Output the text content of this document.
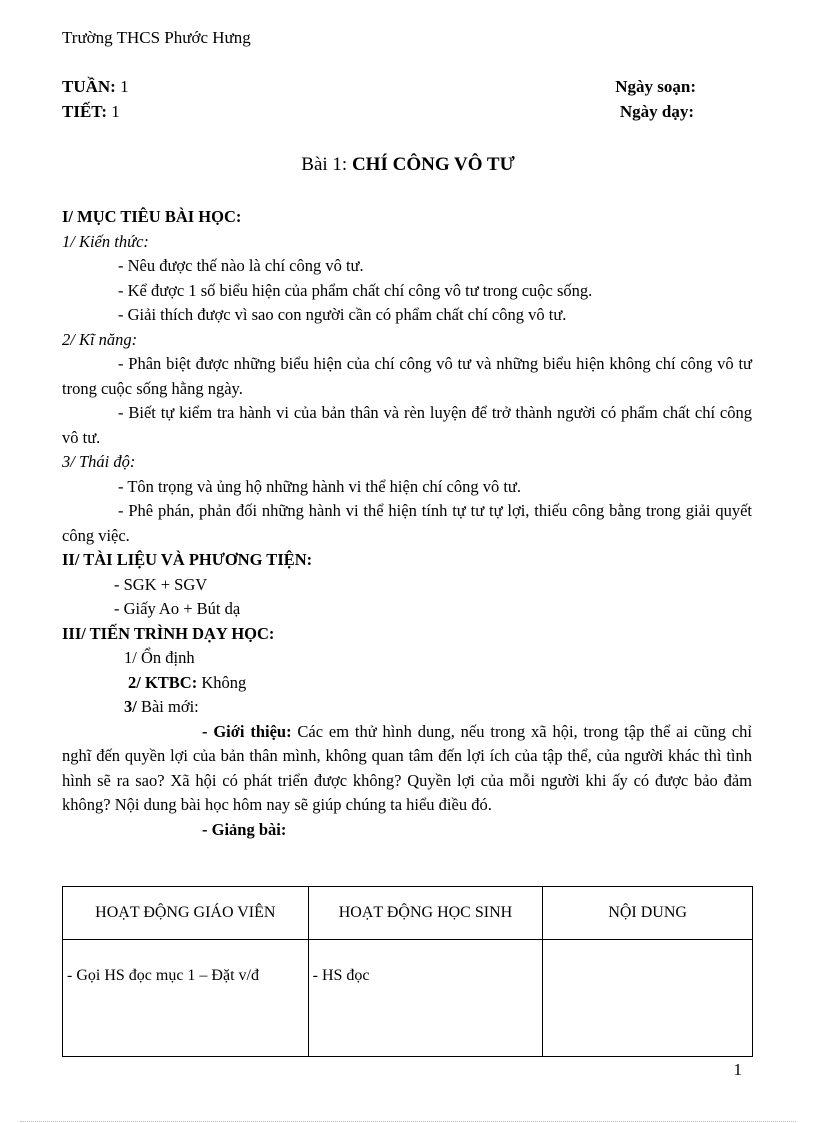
Trường THCS Phước Hưng
TUẦN: 1
TIẾT: 1
Ngày soạn:
Ngày dạy:
Bài 1: CHÍ CÔNG VÔ TƯ

I/ MỤC TIÊU BÀI HỌC:

1/ Kiến thức:

- Nêu được thế nào là chí công vô tư.

- Kể được 1 số biểu hiện của phẩm chất chí công vô tư trong cuộc sống.

- Giải thích được vì sao con người cần có phẩm chất chí công vô tư.

2/ Kĩ năng:

- Phân biệt được những biểu hiện của chí công vô tư và những biểu hiện không chí công vô tư trong cuộc sống hằng ngày.

- Biết tự kiểm tra hành vi của bản thân và rèn luyện để trở thành người có phẩm chất chí công vô tư.

3/ Thái độ:

- Tôn trọng và ủng hộ những hành vi thể hiện chí công vô tư.

- Phê phán, phản đối những hành vi thể hiện tính tự tư tự lợi, thiếu công bằng trong giải quyết công việc.

II/ TÀI LIỆU VÀ PHƯƠNG TIỆN:

- SGK + SGV

- Giấy Ao + Bút dạ

III/ TIẾN TRÌNH DẠY HỌC:

1/ Ổn định

2/ KTBC: Không

3/ Bài mới:

- Giới thiệu: Các em thử hình dung, nếu trong xã hội, trong tập thể ai cũng chỉ nghĩ đến quyền lợi của bản thân mình, không quan tâm đến lợi ích của tập thể, của người khác thì tình hình sẽ ra sao? Xã hội có phát triển được không? Quyền lợi của mỗi người khi ấy có được bảo đảm không? Nội dung bài học hôm nay sẽ giúp chúng ta hiểu điều đó.

- Giảng bài:

HOẠT ĐỘNG GIÁO VIÊN	HOẠT ĐỘNG HỌC SINH	NỘI DUNG
- Gọi HS đọc mục 1 – Đặt v/đ	- HS đọc	
1
